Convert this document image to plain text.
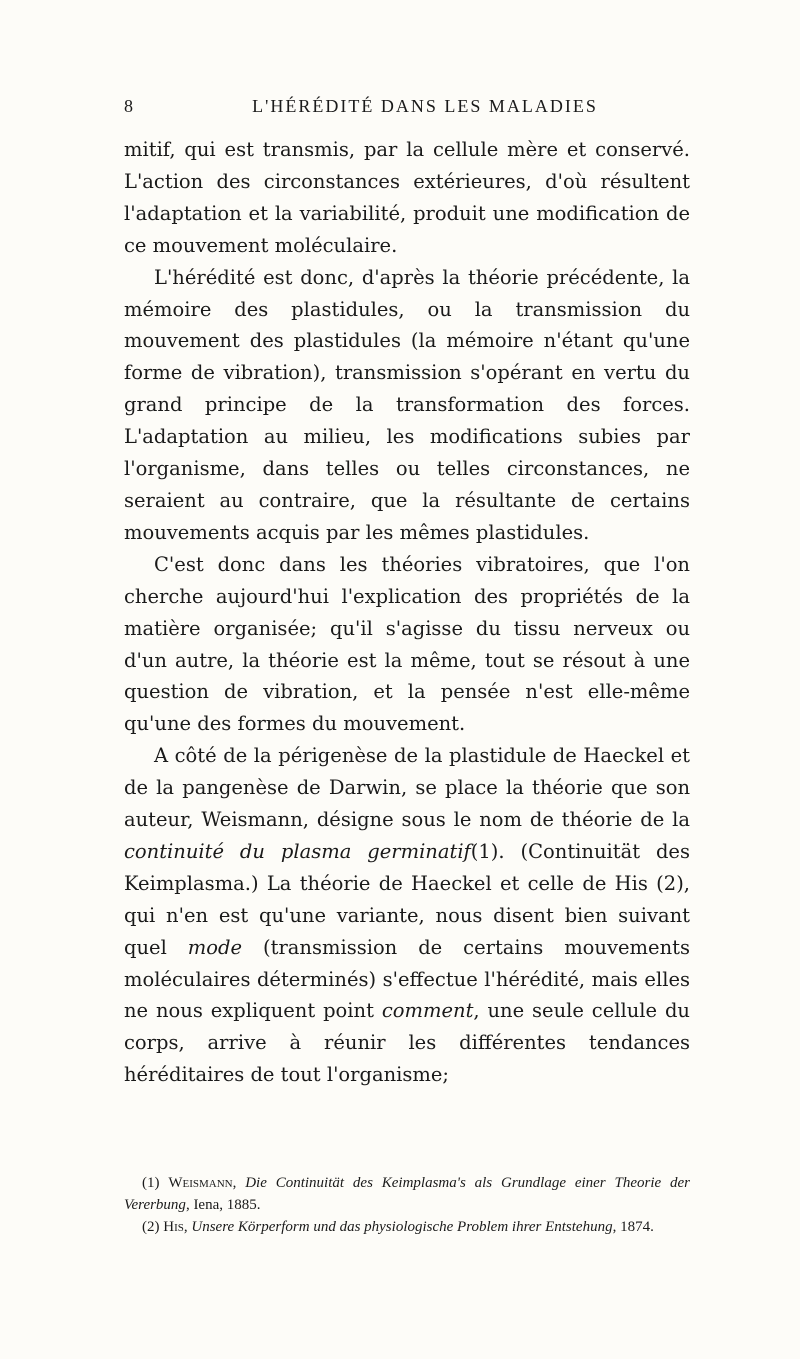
8	L'HÉRÉDITÉ DANS LES MALADIES

mitif, qui est transmis, par la cellule mère et conservé. L'action des circonstances extérieures, d'où résultent l'adaptation et la variabilité, produit une modification de ce mouvement moléculaire.

L'hérédité est donc, d'après la théorie précédente, la mémoire des plastidules, ou la transmission du mouvement des plastidules (la mémoire n'étant qu'une forme de vibration), transmission s'opérant en vertu du grand principe de la transformation des forces. L'adaptation au milieu, les modifications subies par l'organisme, dans telles ou telles circonstances, ne seraient au contraire, que la résultante de certains mouvements acquis par les mêmes plastidules.

C'est donc dans les théories vibratoires, que l'on cherche aujourd'hui l'explication des propriétés de la matière organisée; qu'il s'agisse du tissu nerveux ou d'un autre, la théorie est la même, tout se résout à une question de vibration, et la pensée n'est elle-même qu'une des formes du mouvement.

A côté de la périgenèse de la plastidule de Haeckel et de la pangenèse de Darwin, se place la théorie que son auteur, Weismann, désigne sous le nom de théorie de la continuité du plasma germinatif(1). (Continuität des Keimplasma.) La théorie de Haeckel et celle de His (2), qui n'en est qu'une variante, nous disent bien suivant quel mode (transmission de certains mouvements moléculaires déterminés) s'effectue l'hérédité, mais elles ne nous expliquent point comment, une seule cellule du corps, arrive à réunir les différentes tendances héréditaires de tout l'organisme;

(1) Weismann, Die Continuität des Keimplasma's als Grundlage einer Theorie der Vererbung, Iena, 1885.

(2) His, Unsere Körperform und das physiologische Problem ihrer Entstehung, 1874.
